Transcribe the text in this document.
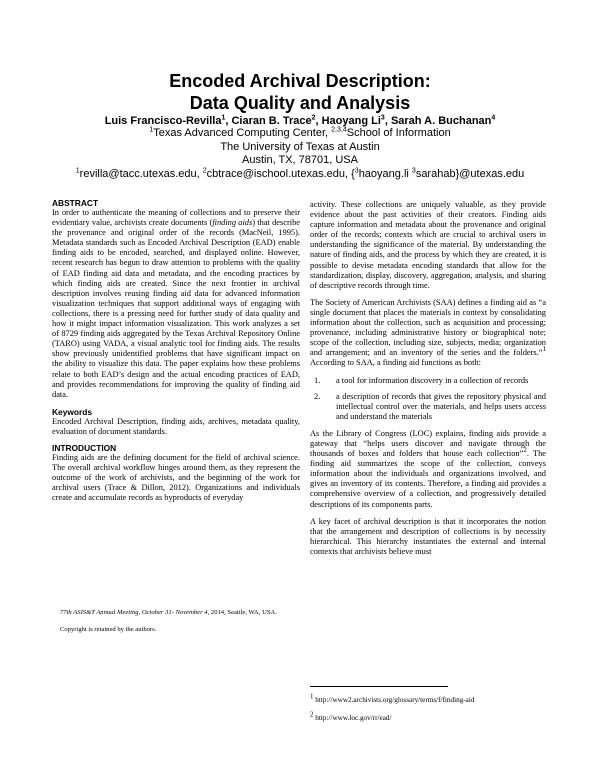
Encoded Archival Description:
Data Quality and Analysis
Luis Francisco-Revilla$^1$, Ciaran B. Trace$^2$, Haoyang Li$^3$, Sarah A. Buchanan$^4$
$^1$Texas Advanced Computing Center, $^{2,3,4}$School of Information
The University of Texas at Austin
Austin, TX, 78701, USA
$^1$revilla@tacc.utexas.edu, $^2$cbtrace@ischool.utexas.edu, {$^3$haoyang.li $^3$sarahab}@utexas.edu
ABSTRACT

In order to authenticate the meaning of collections and to preserve their evidentiary value, archivists create documents (finding aids) that describe the provenance and original order of the records (MacNeil, 1995). Metadata standards such as Encoded Archival Description (EAD) enable finding aids to be encoded, searched, and displayed online. However, recent research has begun to draw attention to problems with the quality of EAD finding aid data and metadata, and the encoding practices by which finding aids are created. Since the next frontier in archival description involves reusing finding aid data for advanced information visualization techniques that support additional ways of engaging with collections, there is a pressing need for further study of data quality and how it might impact information visualization. This work analyzes a set of 8729 finding aids aggregated by the Texas Archival Repository Online (TARO) using VADA, a visual analytic tool for finding aids. The results show previously unidentified problems that have significant impact on the ability to visualize this data. The paper explains how these problems relate to both EAD’s design and the actual encoding practices of EAD, and provides recommendations for improving the quality of finding aid data.

Keywords

Encoded Archival Description, finding aids, archives, metadata quality, evaluation of document standards.

INTRODUCTION

Finding aids are the defining document for the field of archival science. The overall archival workflow hinges around them, as they represent the outcome of the work of archivists, and the beginning of the work for archival users (Trace & Dillon, 2012). Organizations and individuals create and accumulate records as byproducts of everyday

77th ASIS&T Annual Meeting, October 31- November 4, 2014, Seattle, WA, USA.
Copyright is retained by the authors.

activity. These collections are uniquely valuable, as they provide evidence about the past activities of their creators. Finding aids capture information and metadata about the provenance and original order of the records; contexts which are crucial to archival users in understanding the significance of the material. By understanding the nature of finding aids, and the process by which they are created, it is possible to devise metadata encoding standards that allow for the standardization, display, discovery, aggregation, analysis, and sharing of descriptive records through time.

The Society of American Archivists (SAA) defines a finding aid as “a single document that places the materials in context by consolidating information about the collection, such as acquisition and processing; provenance, including administrative history or biographical note; scope of the collection, including size, subjects, media; organization and arrangement; and an inventory of the series and the folders.”$^1$ According to SAA, a finding aid functions as both:

1. a tool for information discovery in a collection of records
2. a description of records that gives the repository physical and intellectual control over the materials, and helps users access and understand the materials

As the Library of Congress (LOC) explains, finding aids provide a gateway that “helps users discover and navigate through the thousands of boxes and folders that house each collection”$^2$. The finding aid summarizes the scope of the collection, conveys information about the individuals and organizations involved, and gives an inventory of its contents. Therefore, a finding aid provides a comprehensive overview of a collection, and progressively detailed descriptions of its components parts.

A key facet of archival description is that it incorporates the notion that the arrangement and description of collections is by necessity hierarchical. This hierarchy instantiates the external and internal contexts that archivists believe must

$^1$ http://www2.archivists.org/glossary/terms/f/finding-aid
$^2$ http://www.loc.gov/rr/ead/
